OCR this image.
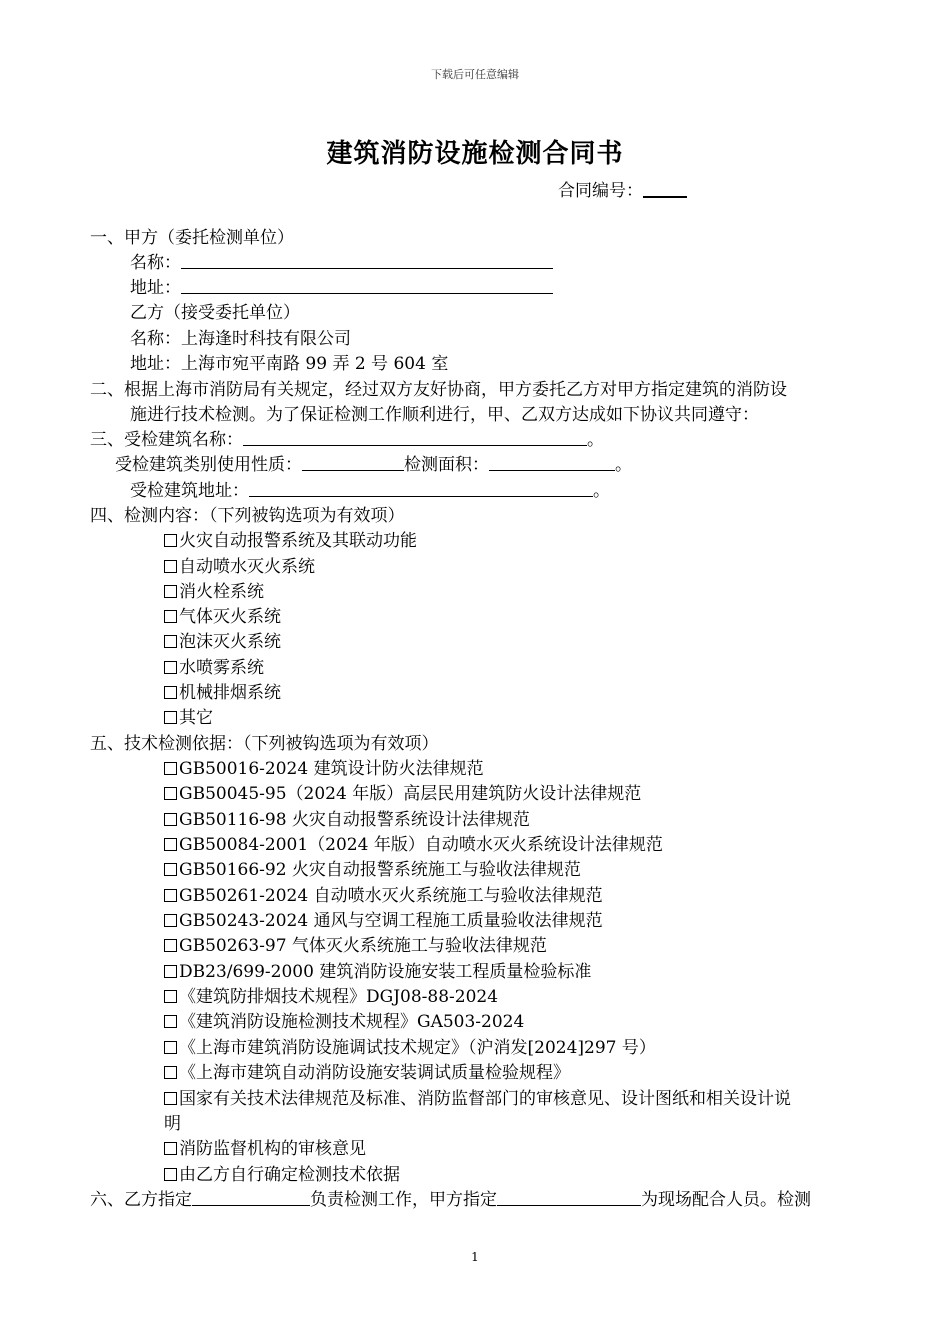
下载后可任意编辑
建筑消防设施检测合同书
合同编号：
一、甲方（委托检测单位）
名称：
地址：
乙方（接受委托单位）
名称：上海逢时科技有限公司
地址：上海市宛平南路 99 弄 2 号 604 室
二、根据上海市消防局有关规定，经过双方友好协商，甲方委托乙方对甲方指定建筑的消防设
施进行技术检测。为了保证检测工作顺利进行，甲、乙双方达成如下协议共同遵守：
三、受检建筑名称：	。
受检建筑类别使用性质：	检测面积：	。
受检建筑地址：	。
四、检测内容：（下列被钩选项为有效项）
火灾自动报警系统及其联动功能
自动喷水灭火系统
消火栓系统
气体灭火系统
泡沫灭火系统
水喷雾系统
机械排烟系统
其它
五、技术检测依据：（下列被钩选项为有效项）
GB50016-2024 建筑设计防火法律规范
GB50045-95（2024 年版）高层民用建筑防火设计法律规范
GB50116-98 火灾自动报警系统设计法律规范
GB50084-2001（2024 年版）自动喷水灭火系统设计法律规范
GB50166-92 火灾自动报警系统施工与验收法律规范
GB50261-2024 自动喷水灭火系统施工与验收法律规范
GB50243-2024 通风与空调工程施工质量验收法律规范
GB50263-97 气体灭火系统施工与验收法律规范
DB23/699-2000 建筑消防设施安装工程质量检验标准
《建筑防排烟技术规程》DGJ08-88-2024
《建筑消防设施检测技术规程》GA503-2024
《上海市建筑消防设施调试技术规定》（沪消发[2024]297 号）
《上海市建筑自动消防设施安装调试质量检验规程》
国家有关技术法律规范及标准、消防监督部门的审核意见、设计图纸和相关设计说
明
消防监督机构的审核意见
由乙方自行确定检测技术依据
六、乙方指定	负责检测工作，甲方指定	为现场配合人员。检测
1
